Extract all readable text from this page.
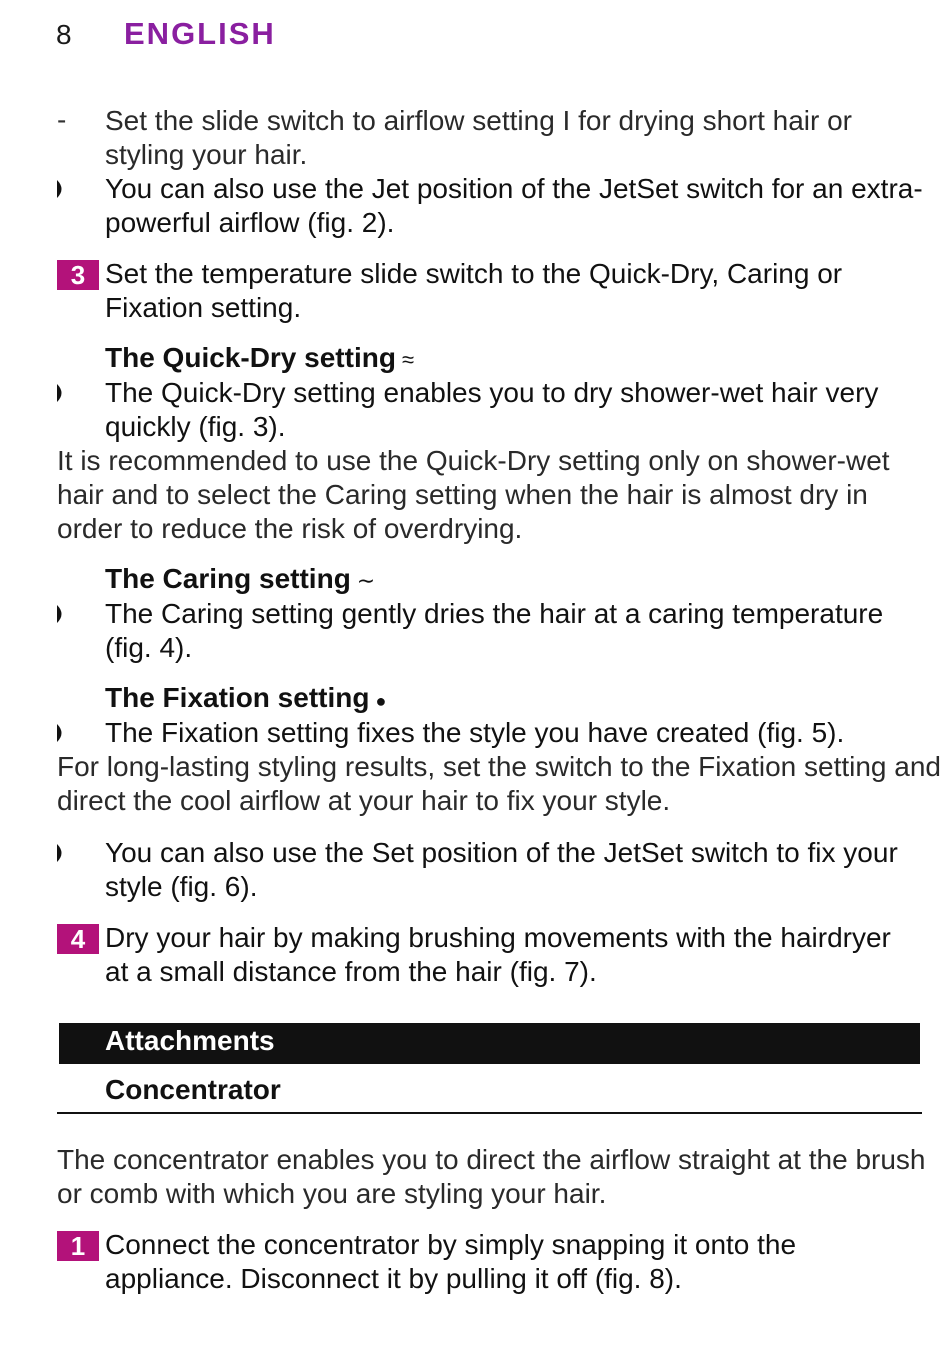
8	ENGLISH
- Set the slide switch to airflow setting I for drying short hair or
styling your hair.
You can also use the Jet position of the JetSet switch for an extra-
powerful airflow (fig. 2).
3 Set the temperature slide switch to the Quick-Dry, Caring or
Fixation setting.
The Quick-Dry setting ≈
The Quick-Dry setting enables you to dry shower-wet hair very
quickly (fig. 3).
It is recommended to use the Quick-Dry setting only on shower-wet
hair and to select the Caring setting when the hair is almost dry in
order to reduce the risk of overdrying.
The Caring setting ∼
The Caring setting gently dries the hair at a caring temperature
(fig. 4).
The Fixation setting ●
The Fixation setting fixes the style you have created (fig. 5).
For long-lasting styling results, set the switch to the Fixation setting and
direct the cool airflow at your hair to fix your style.
You can also use the Set position of the JetSet switch to fix your
style (fig. 6).
4 Dry your hair by making brushing movements with the hairdryer
at a small distance from the hair (fig. 7).
Attachments
Concentrator
The concentrator enables you to direct the airflow straight at the brush
or comb with which you are styling your hair.
1 Connect the concentrator by simply snapping it onto the
appliance. Disconnect it by pulling it off (fig. 8).
